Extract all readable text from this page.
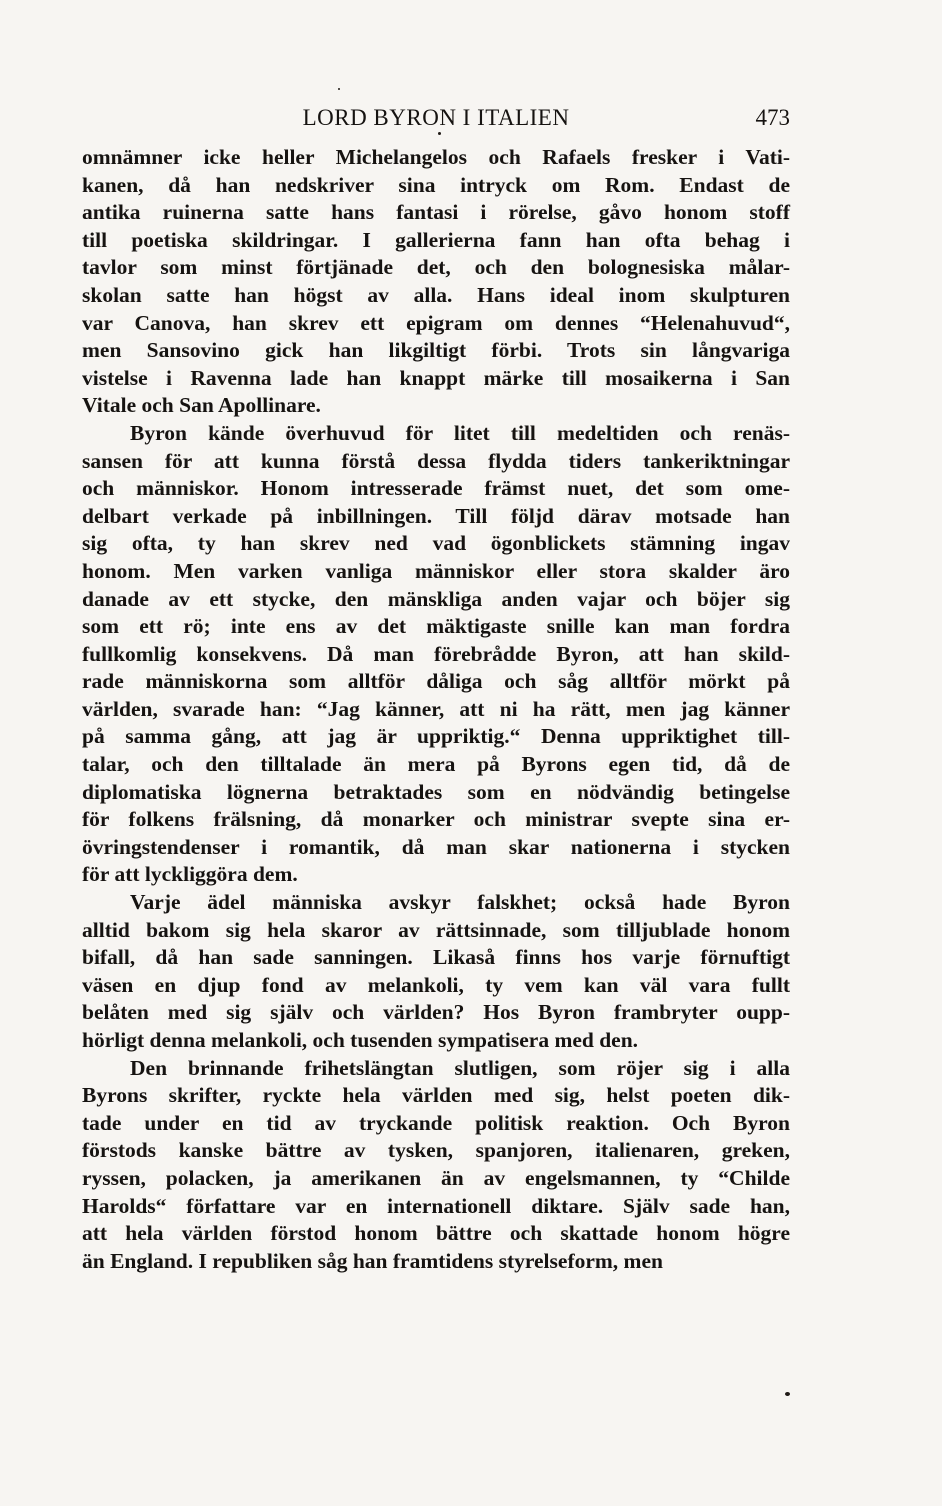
LORD BYRON I ITALIEN	473
omnämner icke heller Michelangelos och Rafaels fresker i Vati-
kanen, då han nedskriver sina intryck om Rom. Endast de
antika ruinerna satte hans fantasi i rörelse, gåvo honom stoff
till poetiska skildringar. I gallerierna fann han ofta behag i
tavlor som minst förtjänade det, och den bolognesiska målar-
skolan satte han högst av alla. Hans ideal inom skulpturen
var Canova, han skrev ett epigram om dennes “Helenahuvud“,
men Sansovino gick han likgiltigt förbi. Trots sin långvariga
vistelse i Ravenna lade han knappt märke till mosaikerna i San
Vitale och San Apollinare.
Byron kände överhuvud för litet till medeltiden och renäs-
sansen för att kunna förstå dessa flydda tiders tankeriktningar
och människor. Honom intresserade främst nuet, det som ome-
delbart verkade på inbillningen. Till följd därav motsade han
sig ofta, ty han skrev ned vad ögonblickets stämning ingav
honom. Men varken vanliga människor eller stora skalder äro
danade av ett stycke, den mänskliga anden vajar och böjer sig
som ett rö; inte ens av det mäktigaste snille kan man fordra
fullkomlig konsekvens. Då man förebrådde Byron, att han skild-
rade människorna som alltför dåliga och såg alltför mörkt på
världen, svarade han: “Jag känner, att ni ha rätt, men jag känner
på samma gång, att jag är uppriktig.“ Denna uppriktighet till-
talar, och den tilltalade än mera på Byrons egen tid, då de
diplomatiska lögnerna betraktades som en nödvändig betingelse
för folkens frälsning, då monarker och ministrar svepte sina er-
övringstendenser i romantik, då man skar nationerna i stycken
för att lyckliggöra dem.
Varje ädel människa avskyr falskhet; också hade Byron
alltid bakom sig hela skaror av rättsinnade, som tilljublade honom
bifall, då han sade sanningen. Likaså finns hos varje förnuftigt
väsen en djup fond av melankoli, ty vem kan väl vara fullt
belåten med sig själv och världen? Hos Byron frambryter oupp-
hörligt denna melankoli, och tusenden sympatisera med den.
Den brinnande frihetslängtan slutligen, som röjer sig i alla
Byrons skrifter, ryckte hela världen med sig, helst poeten dik-
tade under en tid av tryckande politisk reaktion. Och Byron
förstods kanske bättre av tysken, spanjoren, italienaren, greken,
ryssen, polacken, ja amerikanen än av engelsmannen, ty “Childe
Harolds“ författare var en internationell diktare. Själv sade han,
att hela världen förstod honom bättre och skattade honom högre
än England. I republiken såg han framtidens styrelseform, men
